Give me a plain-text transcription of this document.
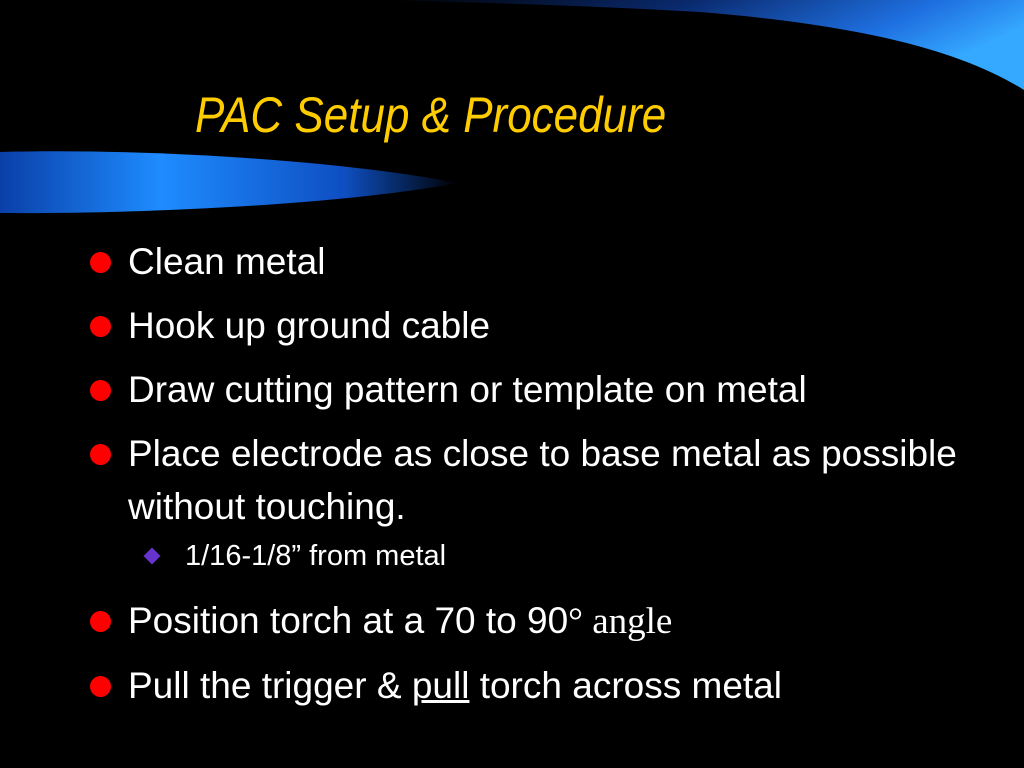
PAC Setup & Procedure
Clean metal
Hook up ground cable
Draw cutting pattern or template on metal
Place electrode as close to base metal as possible without touching.
1/16-1/8” from metal
Position torch at a 70 to 90° angle
Pull the trigger & pull torch across metal
